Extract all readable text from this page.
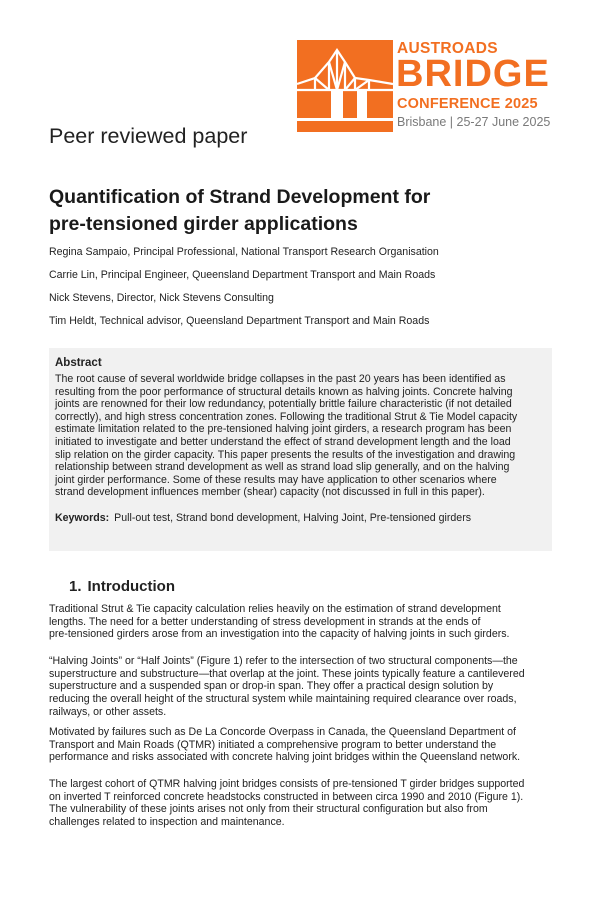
AUSTROADS
BRIDGE
CONFERENCE 2025
Brisbane | 25-27 June 2025
Peer reviewed paper
Quantification of Strand Development for
pre-tensioned girder applications
Regina Sampaio, Principal Professional, National Transport Research Organisation
Carrie Lin, Principal Engineer, Queensland Department Transport and Main Roads
Nick Stevens, Director, Nick Stevens Consulting
Tim Heldt, Technical advisor, Queensland Department Transport and Main Roads
Abstract
The root cause of several worldwide bridge collapses in the past 20 years has been identified as
resulting from the poor performance of structural details known as halving joints. Concrete halving
joints are renowned for their low redundancy, potentially brittle failure characteristic (if not detailed
correctly), and high stress concentration zones. Following the traditional Strut & Tie Model capacity
estimate limitation related to the pre-tensioned halving joint girders, a research program has been
initiated to investigate and better understand the effect of strand development length and the load
slip relation on the girder capacity. This paper presents the results of the investigation and drawing
relationship between strand development as well as strand load slip generally, and on the halving
joint girder performance. Some of these results may have application to other scenarios where
strand development influences member (shear) capacity (not discussed in full in this paper).
Keywords: Pull-out test, Strand bond development, Halving Joint, Pre-tensioned girders
1. Introduction
Traditional Strut & Tie capacity calculation relies heavily on the estimation of strand development
lengths. The need for a better understanding of stress development in strands at the ends of
pre-tensioned girders arose from an investigation into the capacity of halving joints in such girders.
“Halving Joints” or “Half Joints” (Figure 1) refer to the intersection of two structural components—the
superstructure and substructure—that overlap at the joint. These joints typically feature a cantilevered
superstructure and a suspended span or drop-in span. They offer a practical design solution by
reducing the overall height of the structural system while maintaining required clearance over roads,
railways, or other assets.
Motivated by failures such as De La Concorde Overpass in Canada, the Queensland Department of
Transport and Main Roads (QTMR) initiated a comprehensive program to better understand the
performance and risks associated with concrete halving joint bridges within the Queensland network.
The largest cohort of QTMR halving joint bridges consists of pre-tensioned T girder bridges supported
on inverted T reinforced concrete headstocks constructed in between circa 1990 and 2010 (Figure 1).
The vulnerability of these joints arises not only from their structural configuration but also from
challenges related to inspection and maintenance.
